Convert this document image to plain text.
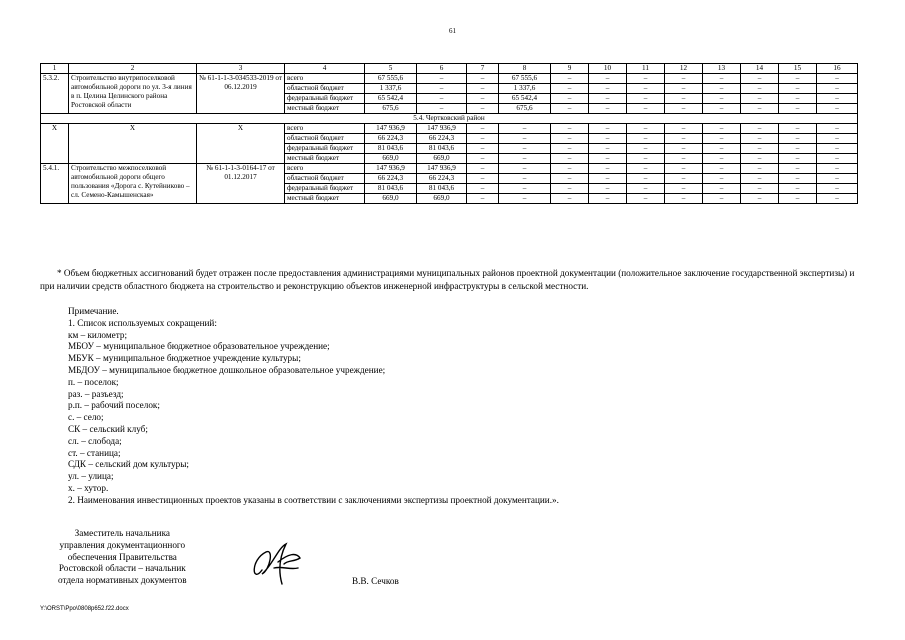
61
1	2	3	4	5	6	7	8	9	10	11	12	13	14	15	16
5.3.2.	Строительство внутрипоселковой автомобильной дороги по ул. 3-я линия в п. Целина Целинского района Ростовской области	№ 61-1-1-3-034533-2019 от 06.12.2019	всего	67 555,6	–	–	67 555,6	–	–	–	–	–	–	–	–
			областной бюджет	1 337,6	–	–	1 337,6	–	–	–	–	–	–	–	–
			федеральный бюджет	65 542,4	–	–	65 542,4	–	–	–	–	–	–	–	–
			местный бюджет	675,6	–	–	675,6	–	–	–	–	–	–	–	–
5.4. Чертковский район															
Х	Х	Х	всего	147 936,9	147 936,9	–	–	–	–	–	–	–	–	–	–
			областной бюджет	66 224,3	66 224,3	–	–	–	–	–	–	–	–	–	–
			федеральный бюджет	81 043,6	81 043,6	–	–	–	–	–	–	–	–	–	–
			местный бюджет	669,0	669,0	–	–	–	–	–	–	–	–	–	–
5.4.1.	Строительство межпоселковой автомобильной дороги общего пользования «Дорога с. Кутейниково – сл. Семено-Камышенская»	№ 61-1-1-3-0164-17 от 01.12.2017	всего	147 936,9	147 936,9	–	–	–	–	–	–	–	–	–	–
			областной бюджет	66 224,3	66 224,3	–	–	–	–	–	–	–	–	–	–
			федеральный бюджет	81 043,6	81 043,6	–	–	–	–	–	–	–	–	–	–
			местный бюджет	669,0	669,0	–	–	–	–	–	–	–	–	–	–

* Объем бюджетных ассигнований будет отражен после предоставления администрациями муниципальных районов проектной документации (положительное заключение государственной экспертизы) и при наличии средств областного бюджета на строительство и реконструкцию объектов инженерной инфраструктуры в сельской местности.

Примечание.
1. Список используемых сокращений:
км – километр;
МБОУ – муниципальное бюджетное образовательное учреждение;
МБУК – муниципальное бюджетное учреждение культуры;
МБДОУ – муниципальное бюджетное дошкольное образовательное учреждение;
п. – поселок;
раз. – разъезд;
р.п. – рабочий поселок;
с. – село;
СК – сельский клуб;
сл. – слобода;
ст. – станица;
СДК – сельский дом культуры;
ул. – улица;
х. – хутор.
2. Наименования инвестиционных проектов указаны в соответствии с заключениями экспертизы проектной документации.».
Заместитель начальника
управления документационного
обеспечения Правительства
Ростовской области – начальник
отдела нормативных документов	В.В. Сечков
Y:\ORST\Ppo\0808p652.f22.docx
